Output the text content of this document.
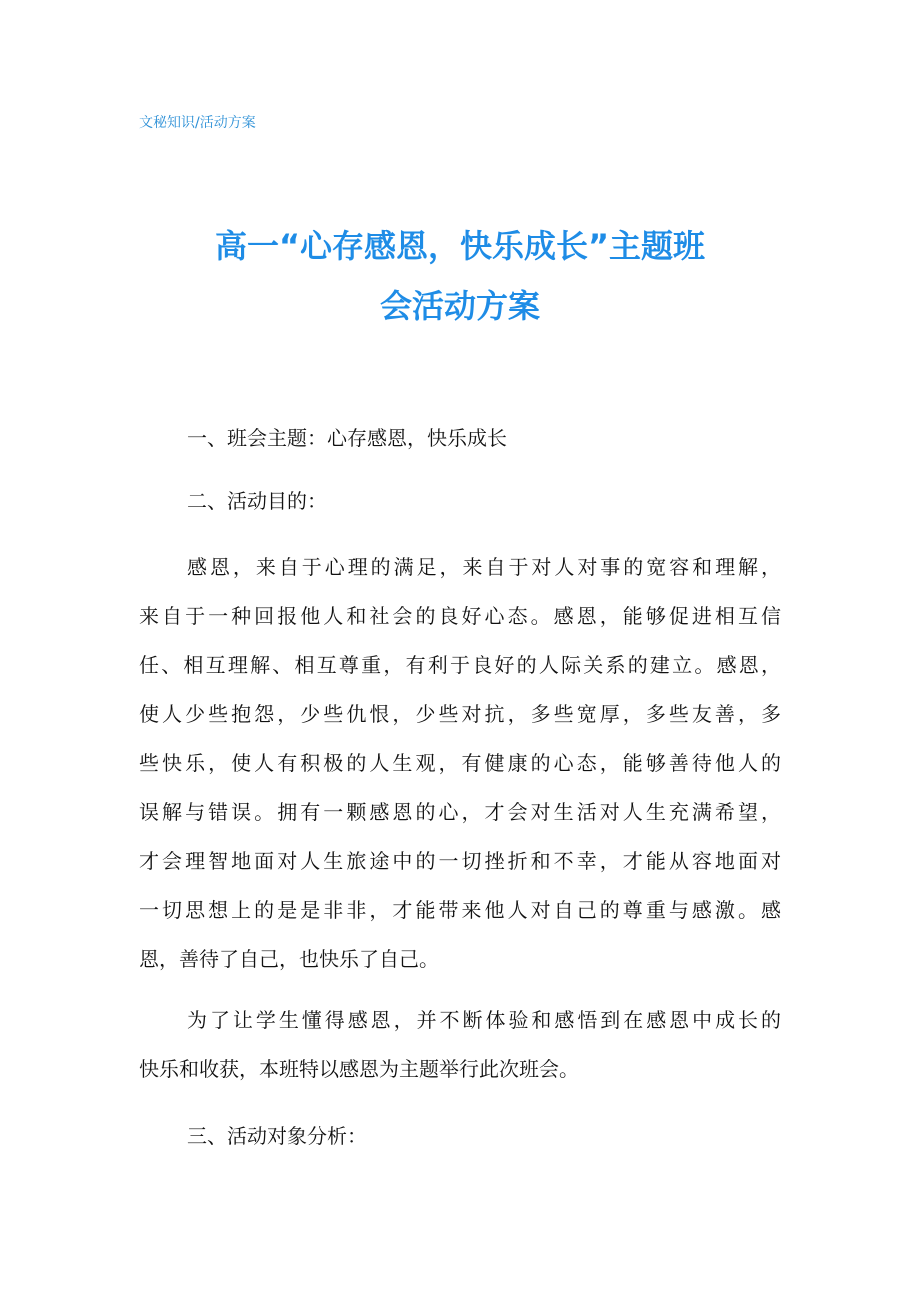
文秘知识/活动方案
高一“心存感恩，快乐成长”主题班
会活动方案
一、班会主题：心存感恩，快乐成长
二、活动目的：
感恩，来自于心理的满足，来自于对人对事的宽容和理解，
来自于一种回报他人和社会的良好心态。感恩，能够促进相互信
任、相互理解、相互尊重，有利于良好的人际关系的建立。感恩，
使人少些抱怨，少些仇恨，少些对抗，多些宽厚，多些友善，多
些快乐，使人有积极的人生观，有健康的心态，能够善待他人的
误解与错误。拥有一颗感恩的心，才会对生活对人生充满希望，
才会理智地面对人生旅途中的一切挫折和不幸，才能从容地面对
一切思想上的是是非非，才能带来他人对自己的尊重与感激。感
恩，善待了自己，也快乐了自己。
为了让学生懂得感恩，并不断体验和感悟到在感恩中成长的
快乐和收获，本班特以感恩为主题举行此次班会。
三、活动对象分析：
